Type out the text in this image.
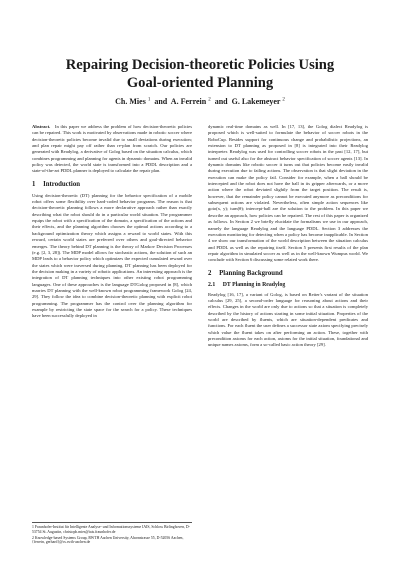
Repairing Decision-theoretic Policies Using
Goal-oriented Planning
Ch. Mies $^1$ and A. Ferrein $^2$ and G. Lakemeyer $^2$

Abstract. In this paper we address the problem of how decision-theoretic policies can be repaired. This work is motivated by observations made in robotic soccer where decision-theoretic policies become invalid due to small deviations during execution; and plan repair might pay off rather than re-plan from scratch. Our policies are generated with Readylog, a derivative of Golog based on the situation calculus, which combines programming and planning for agents in dynamic domains. When an invalid policy was detected, the world state is transformed into a PDDL description and a state-of-the-art PDDL planner is deployed to calculate the repair plan.

1 Introduction

Using decision-theoretic (DT) planning for the behavior specification of a mobile robot offers some flexibility over hard-coded behavior programs. The reason is that decision-theoretic planning follows a more declarative approach rather than exactly describing what the robot should do in a particular world situation. The programmer equips the robot with a specification of the domain, a specification of the actions and their effects, and the planning algorithm chooses the optimal actions according to a background optimization theory which assigns a reward to world states. With this reward, certain world states are preferred over others and goal-directed behavior emerges. The theory behind DT planning is the theory of Markov Decision Processes (e.g. [2, 3, 28]). The MDP model allows for stochastic actions, the solution of such an MDP leads to a behavior policy which optimizes the expected cumulated reward over the states which were traversed during planning. DT planning has been deployed for the decision making in a variety of robotic applications. An interesting approach is the integration of DT planning techniques into other existing robot programming languages. One of these approaches is the language DTGolog proposed in [8], which marries DT planning with the well-known robot programming framework Golog [24, 29]. They follow the idea to combine decision-theoretic planning with explicit robot programming. The programmer has the control over the planning algorithm for example by restricting the state space for the search for a policy. These techniques have been successfully deployed in

dynamic real-time domains as well. In [17, 13], the Golog dialect Readylog is proposed which is well-suited to formulate the behavior of soccer robots in the RoboCup. Besides support for continuous change and probabilistic projections, an extension to DT planning as proposed in [8] is integrated into their Readylog interpreter. Readylog was used for controlling soccer robots in the past [12, 17], but turned out useful also for the abstract behavior specification of soccer agents [13]. In dynamic domains like robotic soccer it turns out that policies become easily invalid during execution due to failing actions. The observation is that slight deviation in the execution can make the policy fail. Consider for example, when a ball should be intercepted and the robot does not have the ball in its gripper afterwards, or a move action where the robot deviated slightly from the target position. The result is, however, that the remainder policy cannot be executed anymore as preconditions for subsequent actions are violated. Nevertheless, often simple action sequences like goto(x, y); turn(θ); intercept-ball are the solution to the problem. In this paper we describe an approach, how policies can be repaired. The rest of this paper is organized as follows. In Section 2 we briefly elucidate the formalisms we use in our approach, namely the language Readylog and the language PDDL. Section 3 addresses the execution monitoring for detecting when a policy has become inapplicable. In Section 4 we show our transformation of the world description between the situation calculus and PDDL as well as the repairing itself. Section 5 presents first results of the plan repair algorithm in simulated soccer as well as in the well-known Wumpus world. We conclude with Section 6 discussing some related work there.

2 Planning Background
2.1 DT Planning in Readylog

Readylog [16, 17], a variant of Golog, is based on Reiter's variant of the situation calculus [29, 25], a second-order language for reasoning about actions and their effects. Changes in the world are only due to actions so that a situation is completely described by the history of actions starting in some initial situation. Properties of the world are described by fluents, which are situation-dependent predicates and functions. For each fluent the user defines a successor state axiom specifying precisely which value the fluent takes on after performing an action. These, together with precondition axioms for each action, axioms for the initial situation, foundational and unique names axioms, form a so-called basic action theory [29].

1 Fraunhofer-Institut für Intelligente Analyse- und Informationssysteme IAIS, Schloss Birlinghoven, D-53754 St. Augustin, christoph.mies@iais.fraunhofer.de
2 Knowledge-based Systems Group, RWTH Aachen University, Ahornstrasse 55, D-52056 Aachen, {ferrein, gerhard}@cs.rwth-aachen.de
